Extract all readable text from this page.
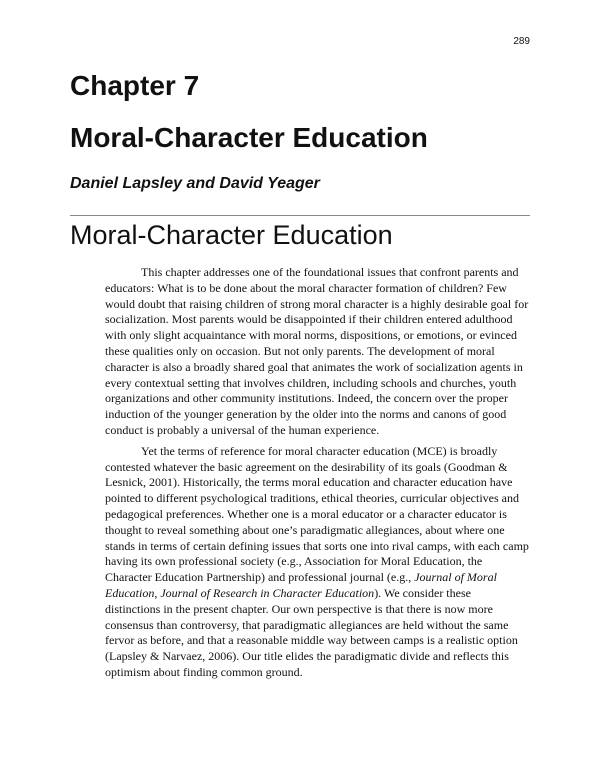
289
Chapter 7
Moral-Character Education
Daniel Lapsley and David Yeager
Moral-Character Education

This chapter addresses one of the foundational issues that confront parents and educators: What is to be done about the moral character formation of children? Few would doubt that raising children of strong moral character is a highly desirable goal for socialization. Most parents would be disappointed if their children entered adulthood with only slight acquaintance with moral norms, dispositions, or emotions, or evinced these qualities only on occasion. But not only parents. The development of moral character is also a broadly shared goal that animates the work of socialization agents in every contextual setting that involves children, including schools and churches, youth organizations and other community institutions. Indeed, the concern over the proper induction of the younger generation by the older into the norms and canons of good conduct is probably a universal of the human experience.

Yet the terms of reference for moral character education (MCE) is broadly contested whatever the basic agreement on the desirability of its goals (Goodman & Lesnick, 2001). Historically, the terms moral education and character education have pointed to different psychological traditions, ethical theories, curricular objectives and pedagogical preferences. Whether one is a moral educator or a character educator is thought to reveal something about one’s paradigmatic allegiances, about where one stands in terms of certain defining issues that sorts one into rival camps, with each camp having its own professional society (e.g., Association for Moral Education, the Character Education Partnership) and professional journal (e.g., Journal of Moral Education, Journal of Research in Character Education). We consider these distinctions in the present chapter. Our own perspective is that there is now more consensus than controversy, that paradigmatic allegiances are held without the same fervor as before, and that a reasonable middle way between camps is a realistic option (Lapsley & Narvaez, 2006). Our title elides the paradigmatic divide and reflects this optimism about finding common ground.
